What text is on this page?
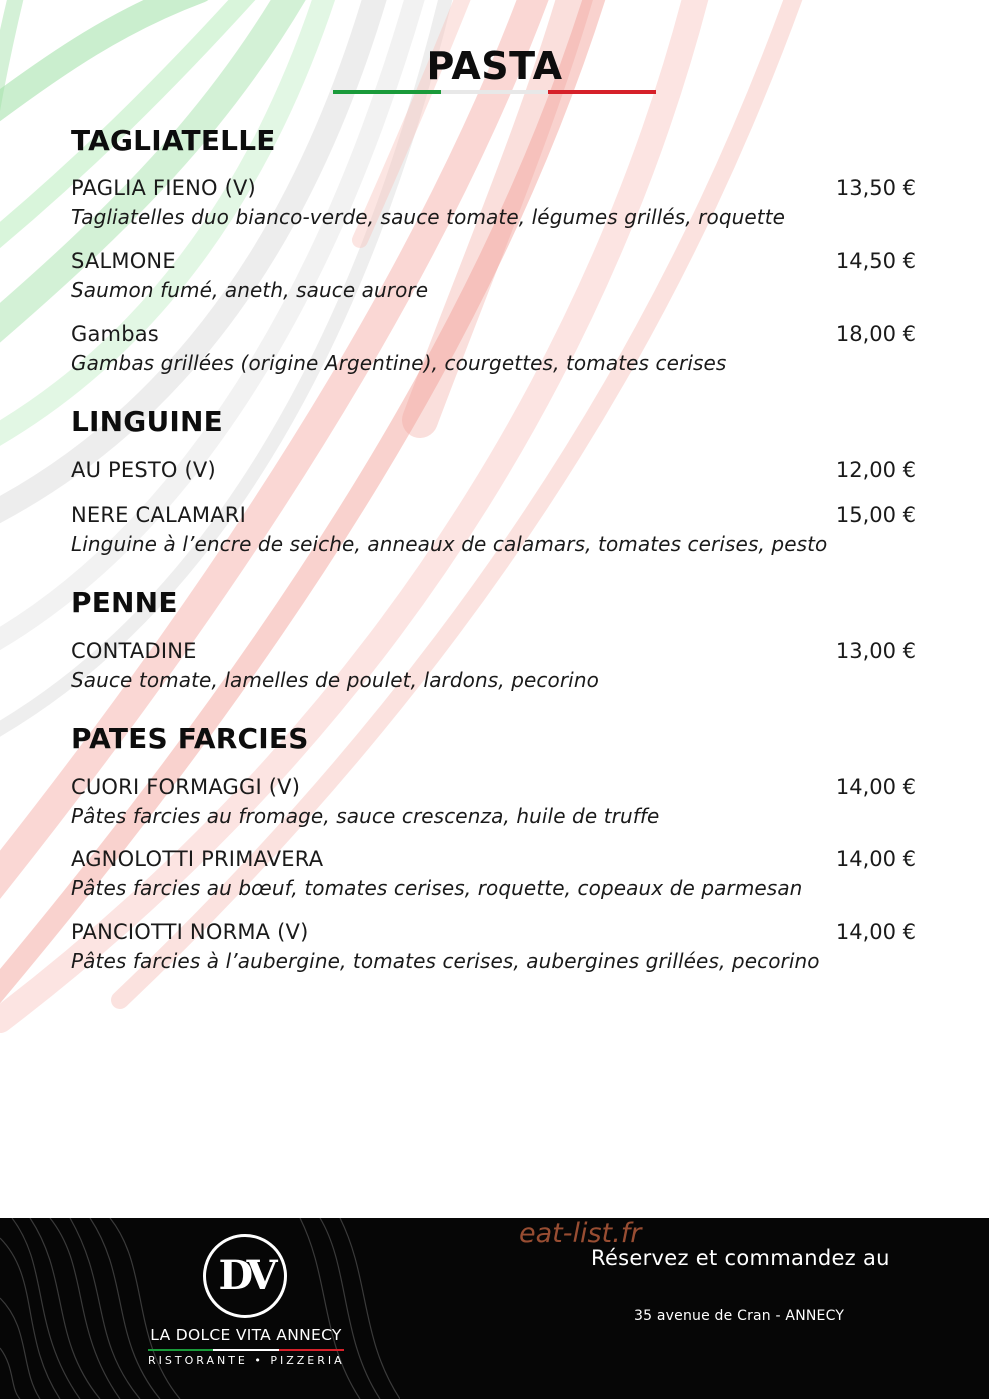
PASTA
TAGLIATELLE
PAGLIA FIENO (V)	13,50 €
Tagliatelles duo bianco-verde, sauce tomate, légumes grillés, roquette
SALMONE	14,50 €
Saumon fumé, aneth, sauce aurore
Gambas	18,00 €
Gambas grillées (origine Argentine), courgettes, tomates cerises
LINGUINE
AU PESTO (V)	12,00 €
NERE CALAMARI	15,00 €
Linguine à l’encre de seiche, anneaux de calamars, tomates cerises, pesto
PENNE
CONTADINE	13,00 €
Sauce tomate, lamelles de poulet, lardons, pecorino
PATES FARCIES
CUORI FORMAGGI (V)	14,00 €
Pâtes farcies au fromage, sauce crescenza, huile de truffe
AGNOLOTTI PRIMAVERA	14,00 €
Pâtes farcies au bœuf, tomates cerises, roquette, copeaux de parmesan
PANCIOTTI NORMA (V)	14,00 €
Pâtes farcies à l’aubergine, tomates cerises, aubergines grillées, pecorino
DV
LA DOLCE VITA ANNECY
RISTORANTE • PIZZERIA
eat-list.fr
Réservez et commandez au
35 avenue de Cran - ANNECY
